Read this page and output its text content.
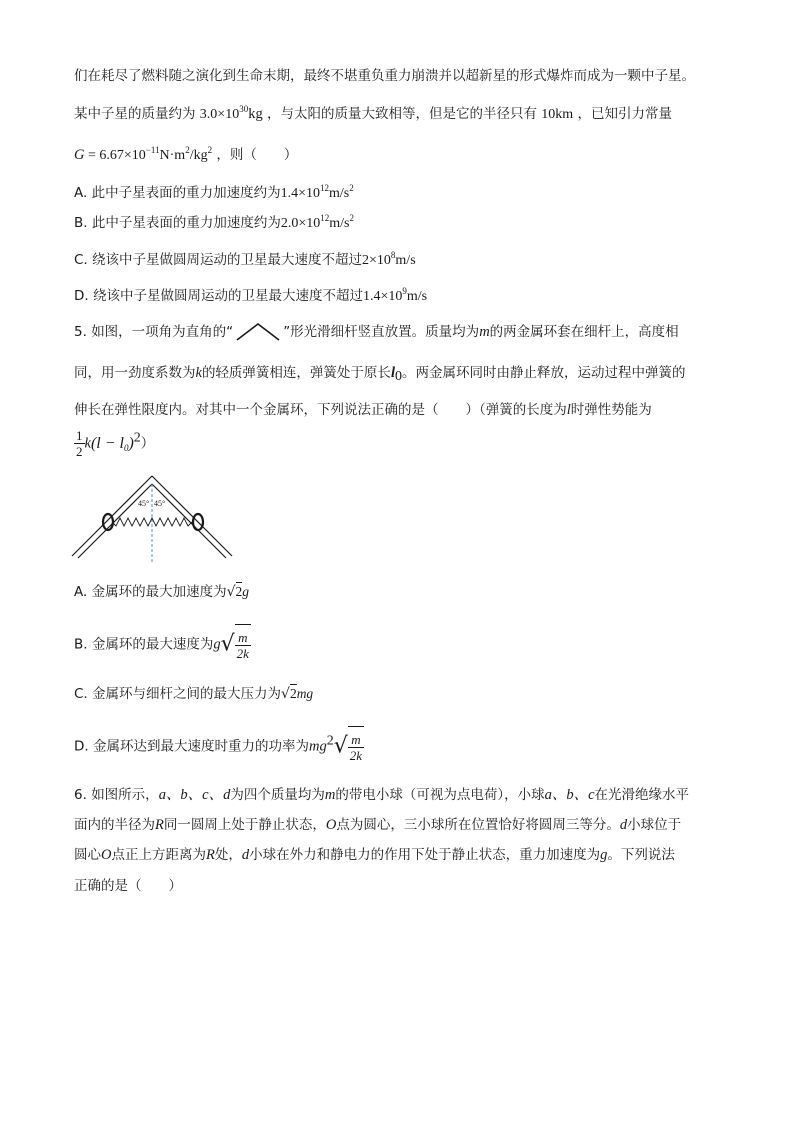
们在耗尽了燃料随之演化到生命末期，最终不堪重负重力崩溃并以超新星的形式爆炸而成为一颗中子星。
某中子星的质量约为 $3.0\times 10^{30}kg$ ，与太阳的质量大致相等，但是它的半径只有 10km ，已知引力常量
$G = 6.67\times 10^{-11}N\cdot m^2/kg^2$ ，则（　　）
A. 此中子星表面的重力加速度约为$1.4\times 10^{12}m/s^2$
B. 此中子星表面的重力加速度约为$2.0\times 10^{12}m/s^2$
C. 绕该中子星做圆周运动的卫星最大速度不超过$2\times 10^8m/s$
D. 绕该中子星做圆周运动的卫星最大速度不超过$1.4\times 10^9m/s$
5. 如图，一项角为直角的“	”形光滑细杆竖直放置。质量均为m的两金属环套在细杆上，高度相
同，用一劲度系数为k的轻质弹簧相连，弹簧处于原长$l_0$。两金属环同时由静止释放，运动过程中弹簧的
伸长在弹性限度内。对其中一个金属环，下列说法正确的是（　　）（弹簧的长度为l时弹性势能为
$\frac{1}{2} k(l - l_0)^2$）
45° 45°
A. 金属环的最大加速度为√2g
B. 金属环的最大速度为$g√ \frac{m}{2k}$
C. 金属环与细杆之间的最大压力为√2mg
D. 金属环达到最大速度时重力的功率为$mg^2√ \frac{m}{2k}$
6. 如图所示，a、b、c、d为四个质量均为m的带电小球（可视为点电荷），小球a、b、c在光滑绝缘水平
面内的半径为R同一圆周上处于静止状态，O点为圆心，三小球所在位置恰好将圆周三等分。d小球位于
圆心O点正上方距离为R处，d小球在外力和静电力的作用下处于静止状态，重力加速度为g。下列说法
正确的是（　　）
